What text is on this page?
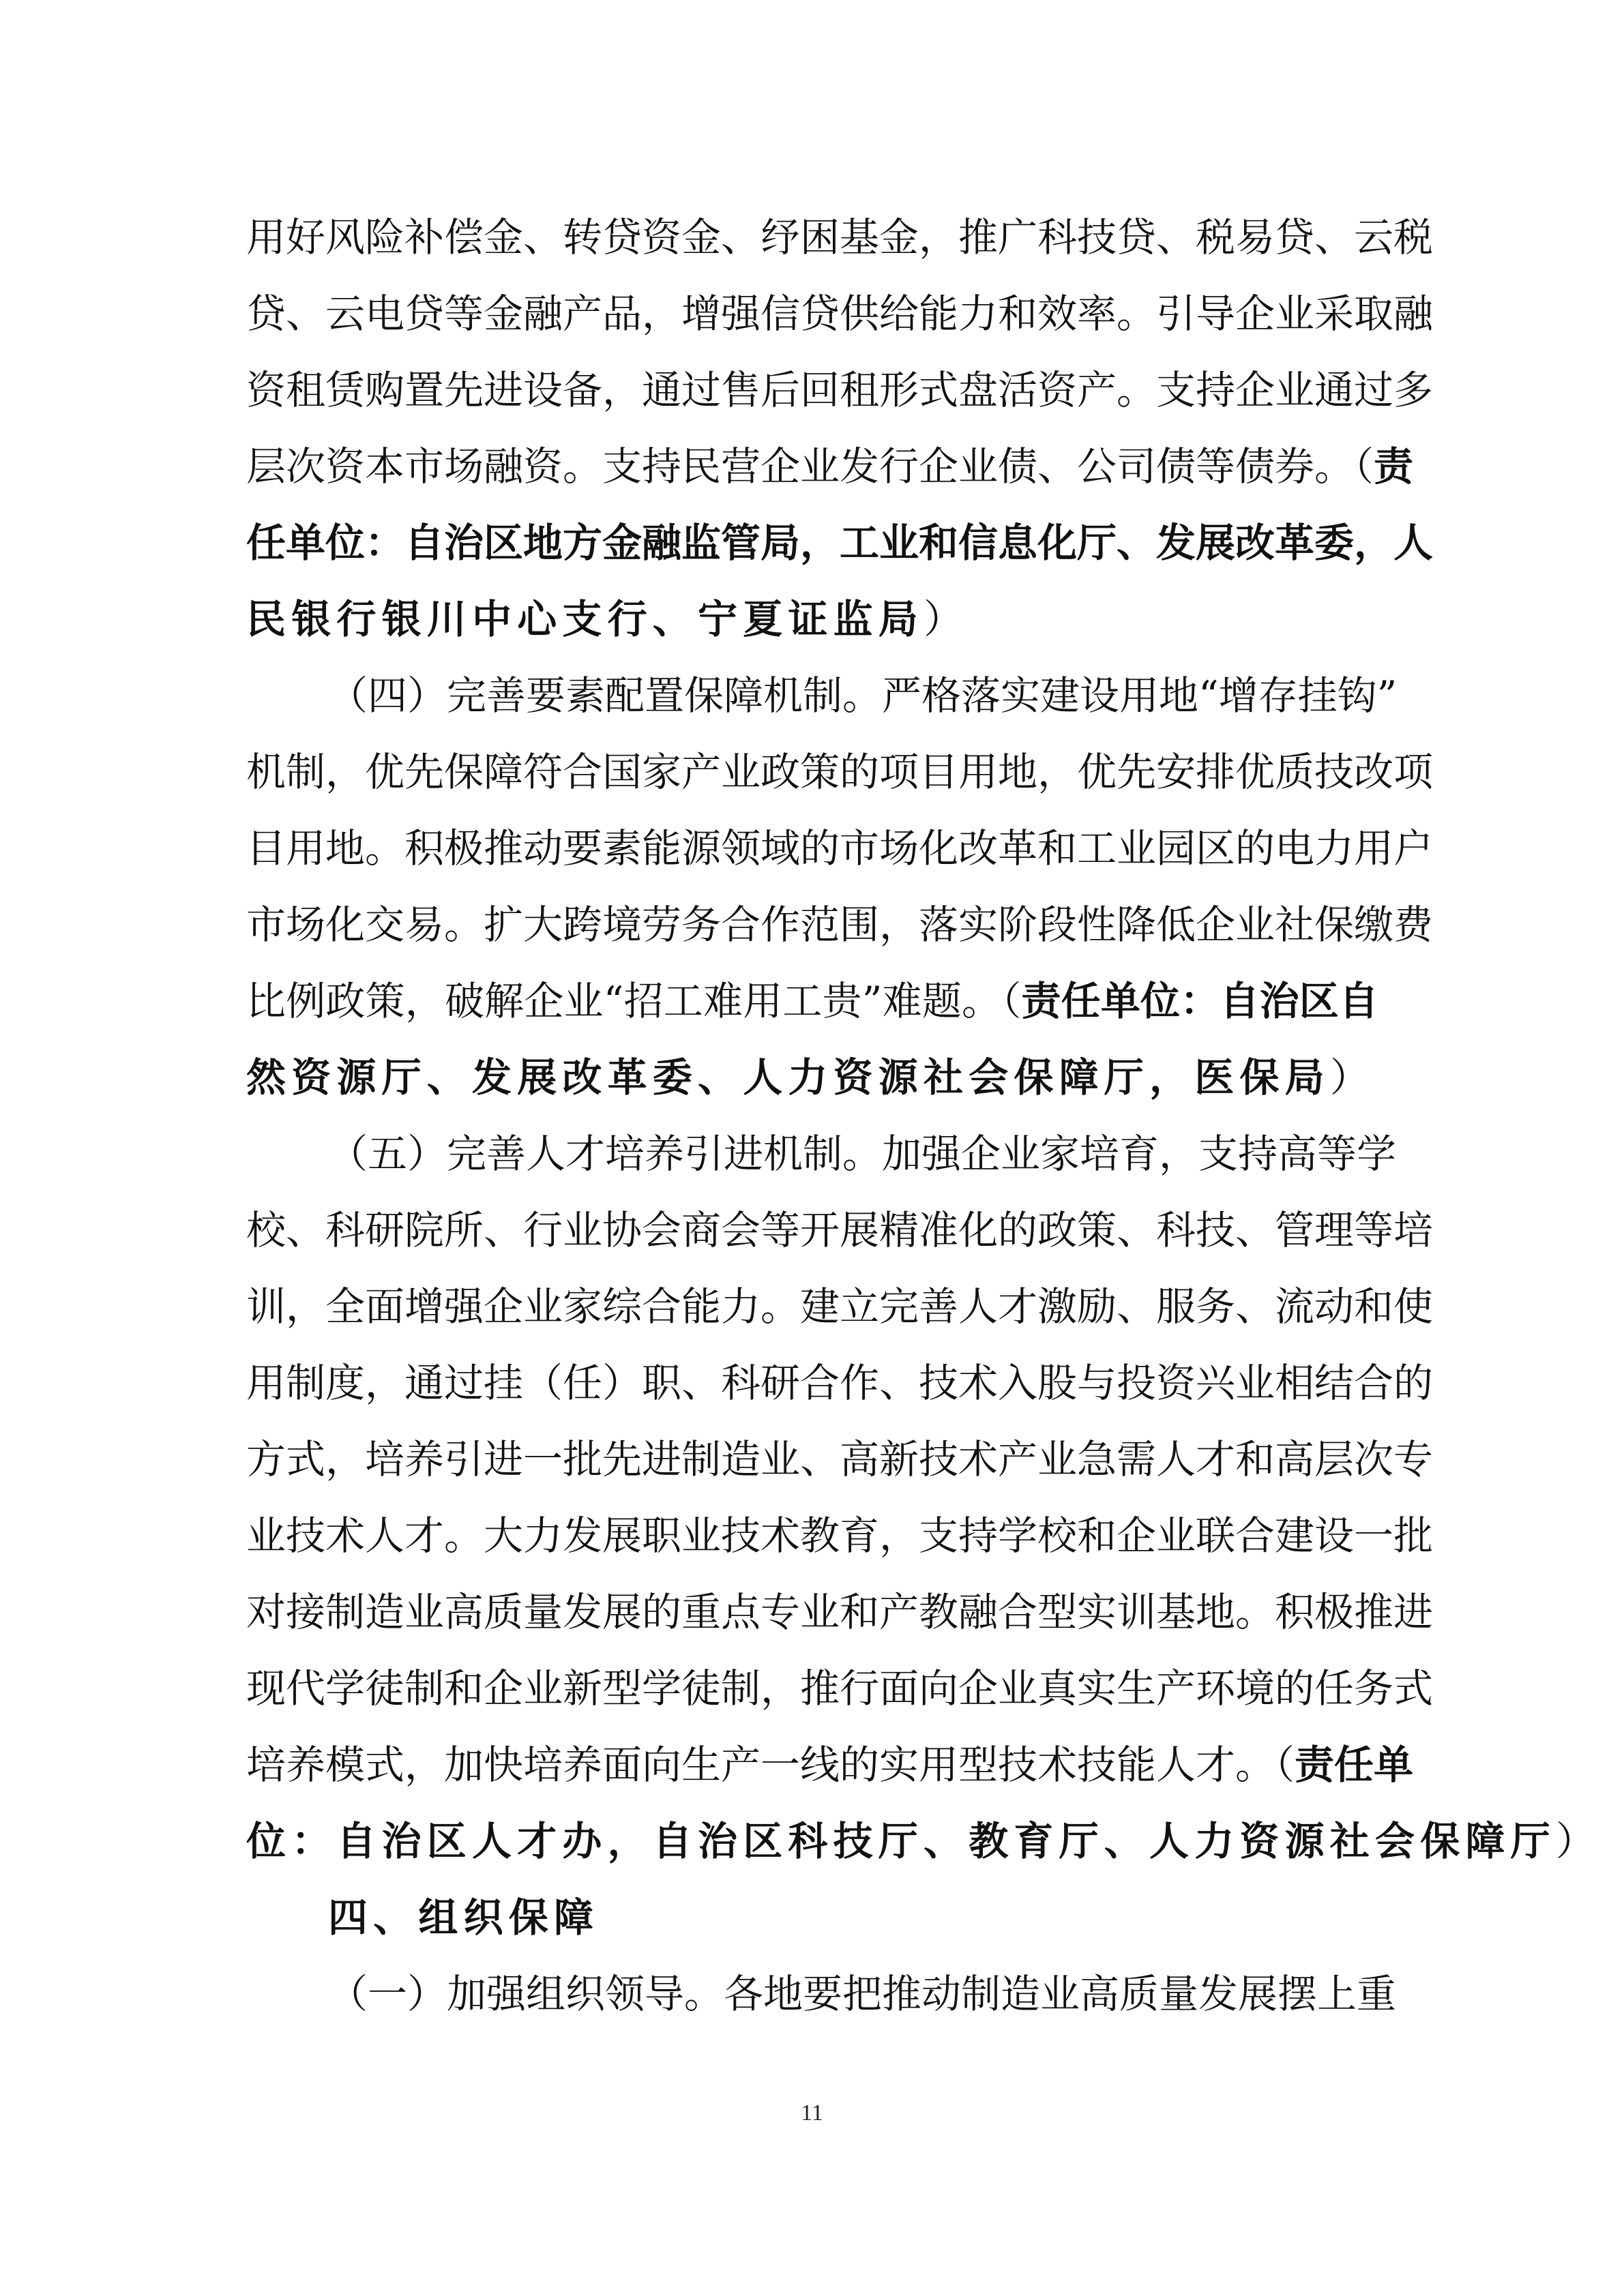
用好风险补偿金、转贷资金、纾困基金，推广科技贷、税易贷、云税
贷、云电贷等金融产品，增强信贷供给能力和效率。引导企业采取融
资租赁购置先进设备，通过售后回租形式盘活资产。支持企业通过多
层次资本市场融资。支持民营企业发行企业债、公司债等债券。（责
任单位：自治区地方金融监管局，工业和信息化厅、发展改革委，人
民银行银川中心支行、宁夏证监局）
（四）完善要素配置保障机制。严格落实建设用地“增存挂钩”
机制，优先保障符合国家产业政策的项目用地，优先安排优质技改项
目用地。积极推动要素能源领域的市场化改革和工业园区的电力用户
市场化交易。扩大跨境劳务合作范围，落实阶段性降低企业社保缴费
比例政策，破解企业“招工难用工贵”难题。（责任单位：自治区自
然资源厅、发展改革委、人力资源社会保障厅，医保局）
（五）完善人才培养引进机制。加强企业家培育，支持高等学
校、科研院所、行业协会商会等开展精准化的政策、科技、管理等培
训，全面增强企业家综合能力。建立完善人才激励、服务、流动和使
用制度，通过挂（任）职、科研合作、技术入股与投资兴业相结合的
方式，培养引进一批先进制造业、高新技术产业急需人才和高层次专
业技术人才。大力发展职业技术教育，支持学校和企业联合建设一批
对接制造业高质量发展的重点专业和产教融合型实训基地。积极推进
现代学徒制和企业新型学徒制，推行面向企业真实生产环境的任务式
培养模式，加快培养面向生产一线的实用型技术技能人才。（责任单
位：自治区人才办，自治区科技厅、教育厅、人力资源社会保障厅）
四、组织保障
（一）加强组织领导。各地要把推动制造业高质量发展摆上重
11
